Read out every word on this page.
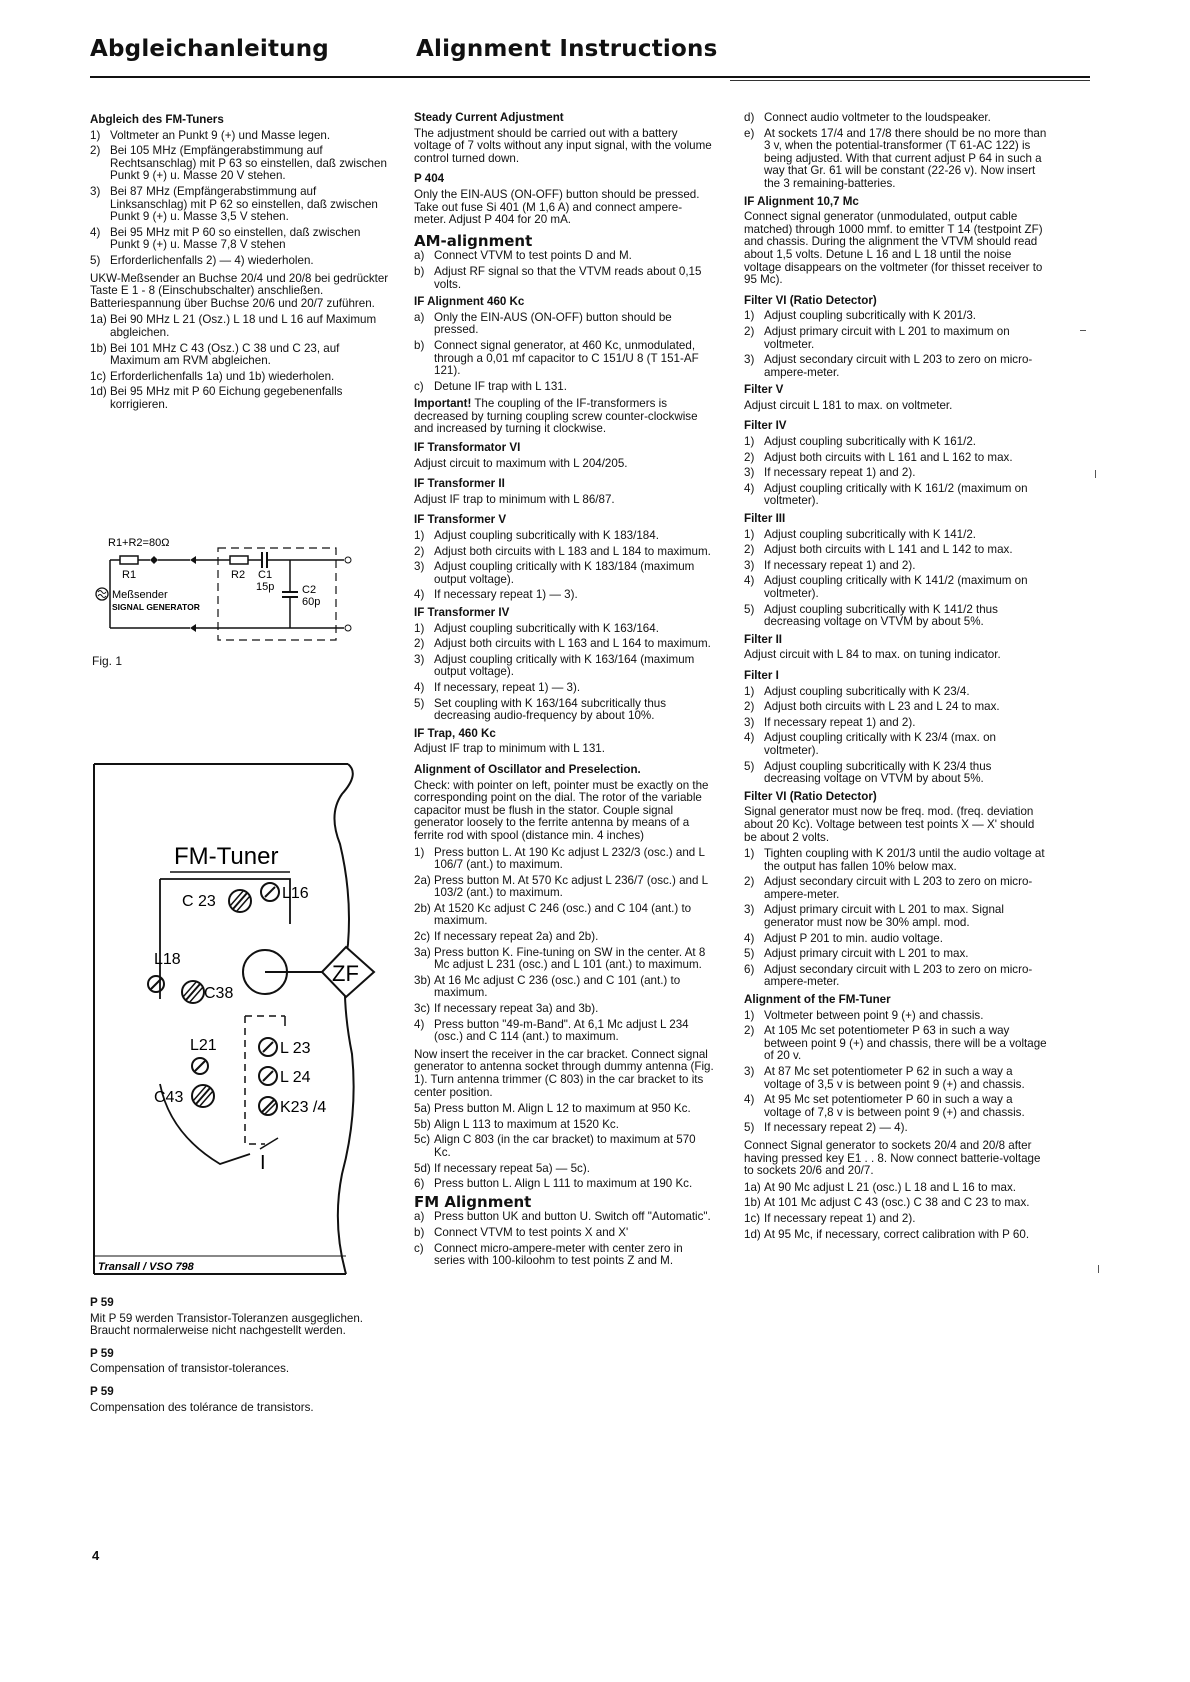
Abgleichanleitung	Alignment Instructions
Abgleich des FM-Tuners
1) Voltmeter an Punkt 9 (+) und Masse legen.
2) Bei 105 MHz (Empfängerabstimmung auf Rechtsanschlag) mit P 63 so einstellen, daß zwischen Punkt 9 (+) u. Masse 20 V stehen.
3) Bei 87 MHz (Empfängerabstimmung auf Linksanschlag) mit P 62 so einstellen, daß zwischen Punkt 9 (+) u. Masse 3,5 V stehen.
4) Bei 95 MHz mit P 60 so einstellen, daß zwischen Punkt 9 (+) u. Masse 7,8 V stehen
5) Erforderlichenfalls 2) — 4) wiederholen.

UKW-Meßsender an Buchse 20/4 und 20/8 bei gedrückter Taste E 1 - 8 (Einschubschalter) anschließen. Batteriespannung über Buchse 20/6 und 20/7 zuführen.

1a) Bei 90 MHz L 21 (Osz.) L 18 und L 16 auf Maximum abgleichen.
1b) Bei 101 MHz C 43 (Osz.) C 38 und C 23, auf Maximum am RVM abgleichen.
1c) Erforderlichenfalls 1a) und 1b) wiederholen.
1d) Bei 95 MHz mit P 60 Eichung gegebenenfalls korrigieren.
R1+R2=80Ω
R1	R2 C1
15p	C2
60p
Meßsender
SIGNAL GENERATOR
Fig. 1
FM-Tuner
C 23	L16
L18
C38
ZF
L21	L 23
L 24
C43
K23 /4
I
Transall / VSO 798
P 59

Mit P 59 werden Transistor-Toleranzen ausgeglichen. Braucht normalerweise nicht nachgestellt werden.

P 59

Compensation of transistor-tolerances.

P 59

Compensation des tolérance de transistors.

4
Steady Current Adjustment

The adjustment should be carried out with a battery voltage of 7 volts without any input signal, with the volume control turned down.

P 404

Only the EIN-AUS (ON-OFF) button should be pressed. Take out fuse Si 401 (M 1,6 A) and connect ampere-meter. Adjust P 404 for 20 mA.

AM-alignment
a) Connect VTVM to test points D and M.
b) Adjust RF signal so that the VTVM reads about 0,15 volts.
IF Alignment 460 Kc
a) Only the EIN-AUS (ON-OFF) button should be pressed.
b) Connect signal generator, at 460 Kc, unmodulated, through a 0,01 mf capacitor to C 151/U 8 (T 151-AF 121).
c) Detune IF trap with L 131.

Important! The coupling of the IF-transformers is decreased by turning coupling screw counter-clockwise and increased by turning it clockwise.

IF Transformator VI

Adjust circuit to maximum with L 204/205.

IF Transformer II

Adjust IF trap to minimum with L 86/87.

IF Transformer V
1) Adjust coupling subcritically with K 183/184.
2) Adjust both circuits with L 183 and L 184 to maximum.
3) Adjust coupling critically with K 183/184 (maximum output voltage).
4) If necessary repeat 1) — 3).
IF Transformer IV
1) Adjust coupling subcritically with K 163/164.
2) Adjust both circuits with L 163 and L 164 to maximum.
3) Adjust coupling critically with K 163/164 (maximum output voltage).
4) If necessary, repeat 1) — 3).
5) Set coupling with K 163/164 subcritically thus decreasing audio-frequency by about 10%.
IF Trap, 460 Kc

Adjust IF trap to minimum with L 131.

Alignment of Oscillator and Preselection.

Check: with pointer on left, pointer must be exactly on the corresponding point on the dial. The rotor of the variable capacitor must be flush in the stator. Couple signal generator loosely to the ferrite antenna by means of a ferrite rod with spool (distance min. 4 inches)

1) Press button L. At 190 Kc adjust L 232/3 (osc.) and L 106/7 (ant.) to maximum.
2a) Press button M. At 570 Kc adjust L 236/7 (osc.) and L 103/2 (ant.) to maximum.
2b) At 1520 Kc adjust C 246 (osc.) and C 104 (ant.) to maximum.
2c) If necessary repeat 2a) and 2b).
3a) Press button K. Fine-tuning on SW in the center. At 8 Mc adjust L 231 (osc.) and L 101 (ant.) to maximum.
3b) At 16 Mc adjust C 236 (osc.) and C 101 (ant.) to maximum.
3c) If necessary repeat 3a) and 3b).
4) Press button "49-m-Band". At 6,1 Mc adjust L 234 (osc.) and C 114 (ant.) to maximum.

Now insert the receiver in the car bracket. Connect signal generator to antenna socket through dummy antenna (Fig. 1). Turn antenna trimmer (C 803) in the car bracket to its center position.

5a) Press button M. Align L 12 to maximum at 950 Kc.
5b) Align L 113 to maximum at 1520 Kc.
5c) Align C 803 (in the car bracket) to maximum at 570 Kc.
5d) If necessary repeat 5a) — 5c).
6) Press button L. Align L 111 to maximum at 190 Kc.
FM Alignment
a) Press button UK and button U. Switch off "Automatic".
b) Connect VTVM to test points X and X'
c) Connect micro-ampere-meter with center zero in series with 100-kiloohm to test points Z and M.
d) Connect audio voltmeter to the loudspeaker.
e) At sockets 17/4 and 17/8 there should be no more than 3 v, when the potential-transformer (T 61-AC 122) is being adjusted. With that current adjust P 64 in such a way that Gr. 61 will be constant (22-26 v). Now insert the 3 remaining-batteries.
IF Alignment 10,7 Mc

Connect signal generator (unmodulated, output cable matched) through 1000 mmf. to emitter T 14 (testpoint ZF) and chassis. During the alignment the VTVM should read about 1,5 volts. Detune L 16 and L 18 until the noise voltage disappears on the voltmeter (for thisset receiver to 95 Mc).

Filter VI (Ratio Detector)
1) Adjust coupling subcritically with K 201/3.
2) Adjust primary circuit with L 201 to maximum on voltmeter.
3) Adjust secondary circuit with L 203 to zero on micro-ampere-meter.
Filter V

Adjust circuit L 181 to max. on voltmeter.

Filter IV
1) Adjust coupling subcritically with K 161/2.
2) Adjust both circuits with L 161 and L 162 to max.
3) If necessary repeat 1) and 2).
4) Adjust coupling critically with K 161/2 (maximum on voltmeter).
Filter III
1) Adjust coupling subcritically with K 141/2.
2) Adjust both circuits with L 141 and L 142 to max.
3) If necessary repeat 1) and 2).
4) Adjust coupling critically with K 141/2 (maximum on voltmeter).
5) Adjust coupling subcritically with K 141/2 thus decreasing voltage on VTVM by about 5%.
Filter II

Adjust circuit with L 84 to max. on tuning indicator.

Filter I
1) Adjust coupling subcritically with K 23/4.
2) Adjust both circuits with L 23 and L 24 to max.
3) If necessary repeat 1) and 2).
4) Adjust coupling critically with K 23/4 (max. on voltmeter).
5) Adjust coupling subcritically with K 23/4 thus decreasing voltage on VTVM by about 5%.
Filter VI (Ratio Detector)

Signal generator must now be freq. mod. (freq. deviation about 20 Kc). Voltage between test points X — X' should be about 2 volts.

1) Tighten coupling with K 201/3 until the audio voltage at the output has fallen 10% below max.
2) Adjust secondary circuit with L 203 to zero on micro-ampere-meter.
3) Adjust primary circuit with L 201 to max. Signal generator must now be 30% ampl. mod.
4) Adjust P 201 to min. audio voltage.
5) Adjust primary circuit with L 201 to max.
6) Adjust secondary circuit with L 203 to zero on micro-ampere-meter.
Alignment of the FM-Tuner
1) Voltmeter between point 9 (+) and chassis.
2) At 105 Mc set potentiometer P 63 in such a way between point 9 (+) and chassis, there will be a voltage of 20 v.
3) At 87 Mc set potentiometer P 62 in such a way a voltage of 3,5 v is between point 9 (+) and chassis.
4) At 95 Mc set potentiometer P 60 in such a way a voltage of 7,8 v is between point 9 (+) and chassis.
5) If necessary repeat 2) — 4).

Connect Signal generator to sockets 20/4 and 20/8 after having pressed key E1 . . 8. Now connect batterie-voltage to sockets 20/6 and 20/7.

1a) At 90 Mc adjust L 21 (osc.) L 18 and L 16 to max.
1b) At 101 Mc adjust C 43 (osc.) C 38 and C 23 to max.
1c) If necessary repeat 1) and 2).
1d) At 95 Mc, if necessary, correct calibration with P 60.
